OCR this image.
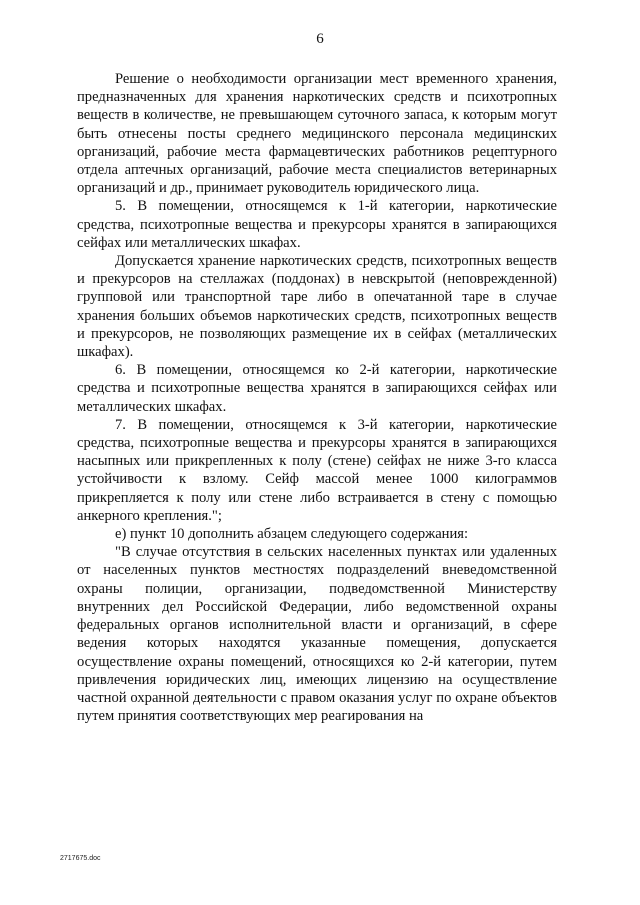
6

Решение о необходимости организации мест временного хранения, предназначенных для хранения наркотических средств и психотропных веществ в количестве, не превышающем суточного запаса, к которым могут быть отнесены посты среднего медицинского персонала медицинских организаций, рабочие места фармацевтических работников рецептурного отдела аптечных организаций, рабочие места специалистов ветеринарных организаций и др., принимает руководитель юридического лица.

5. В помещении, относящемся к 1-й категории, наркотические средства, психотропные вещества и прекурсоры хранятся в запирающихся сейфах или металлических шкафах.

Допускается хранение наркотических средств, психотропных веществ и прекурсоров на стеллажах (поддонах) в невскрытой (неповрежденной) групповой или транспортной таре либо в опечатанной таре в случае хранения больших объемов наркотических средств, психотропных веществ и прекурсоров, не позволяющих размещение их в сейфах (металлических шкафах).

6. В помещении, относящемся ко 2-й категории, наркотические средства и психотропные вещества хранятся в запирающихся сейфах или металлических шкафах.

7. В помещении, относящемся к 3-й категории, наркотические средства, психотропные вещества и прекурсоры хранятся в запирающихся насыпных или прикрепленных к полу (стене) сейфах не ниже 3-го класса устойчивости к взлому. Сейф массой менее 1000 килограммов прикрепляется к полу или стене либо встраивается в стену с помощью анкерного крепления.";

е) пункт 10 дополнить абзацем следующего содержания:

"В случае отсутствия в сельских населенных пунктах или удаленных от населенных пунктов местностях подразделений вневедомственной охраны полиции, организации, подведомственной Министерству внутренних дел Российской Федерации, либо ведомственной охраны федеральных органов исполнительной власти и организаций, в сфере ведения которых находятся указанные помещения, допускается осуществление охраны помещений, относящихся ко 2-й категории, путем привлечения юридических лиц, имеющих лицензию на осуществление частной охранной деятельности с правом оказания услуг по охране объектов путем принятия соответствующих мер реагирования на

2717675.doc
